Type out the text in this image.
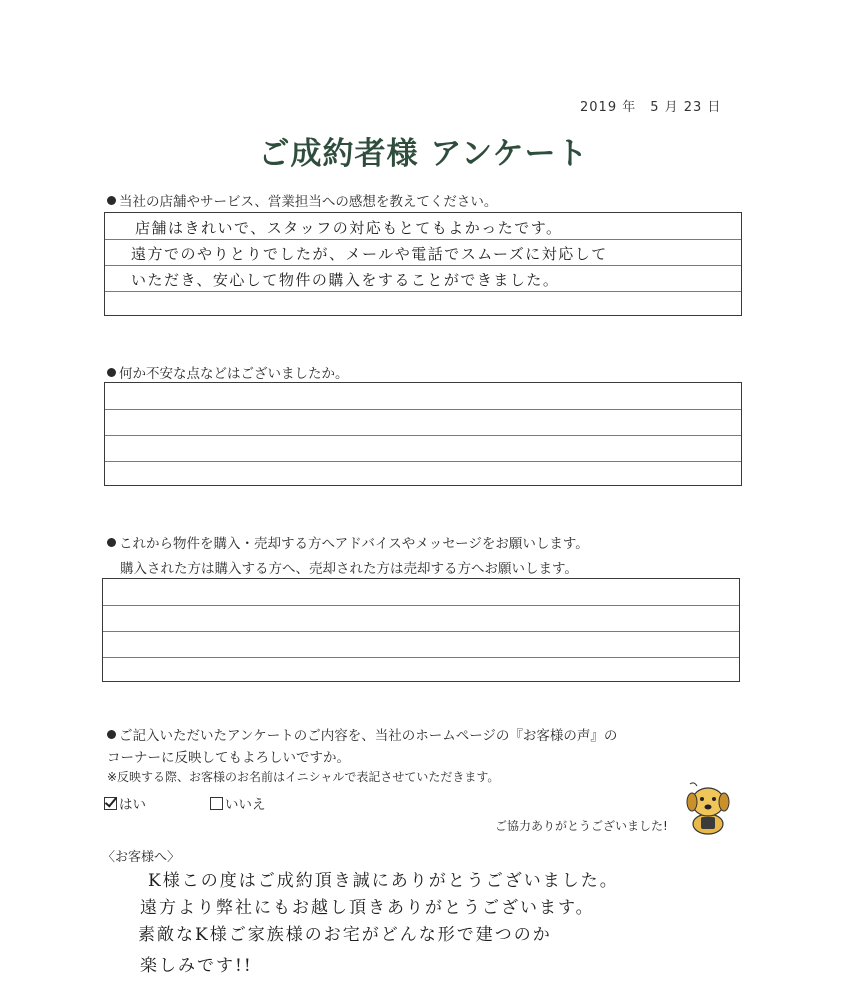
2019 年　5 月 23 日
ご成約者様 アンケート
当社の店舗やサービス、営業担当への感想を教えてください。
店舗はきれいで、スタッフの対応もとてもよかったです。
遠方でのやりとりでしたが、メールや電話でスムーズに対応して
いただき、安心して物件の購入をすることができました。
何か不安な点などはございましたか。
これから物件を購入・売却する方へアドバイスやメッセージをお願いします。
購入された方は購入する方へ、売却された方は売却する方へお願いします。
ご記入いただいたアンケートのご内容を、当社のホームページの『お客様の声』の
コーナーに反映してもよろしいですか。
※反映する際、お客様のお名前はイニシャルで表記させていただきます。
はい	いいえ
ご協力ありがとうございました!
〈お客様へ〉
K様この度はご成約頂き誠にありがとうございました。
遠方より弊社にもお越し頂きありがとうございます。
素敵なK様ご家族様のお宅がどんな形で建つのか
楽しみです!!
